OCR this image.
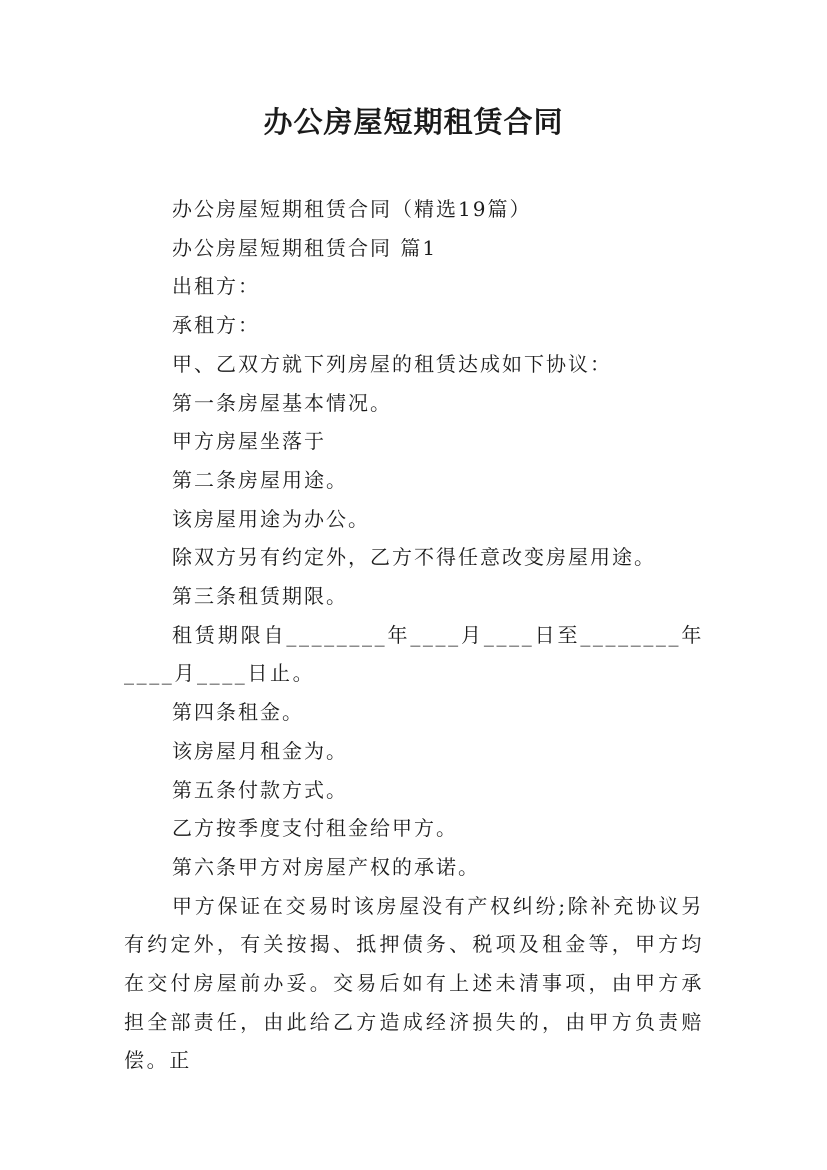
办公房屋短期租赁合同

办公房屋短期租赁合同（精选19篇）

办公房屋短期租赁合同 篇1

出租方：

承租方：

甲、乙双方就下列房屋的租赁达成如下协议：

第一条房屋基本情况。

甲方房屋坐落于

第二条房屋用途。

该房屋用途为办公。

除双方另有约定外，乙方不得任意改变房屋用途。

第三条租赁期限。

租赁期限自________年____月____日至________年____月____日止。

第四条租金。

该房屋月租金为。

第五条付款方式。

乙方按季度支付租金给甲方。

第六条甲方对房屋产权的承诺。

甲方保证在交易时该房屋没有产权纠纷;除补充协议另有约定外，有关按揭、抵押债务、税项及租金等，甲方均在交付房屋前办妥。交易后如有上述未清事项，由甲方承担全部责任，由此给乙方造成经济损失的，由甲方负责赔偿。正
